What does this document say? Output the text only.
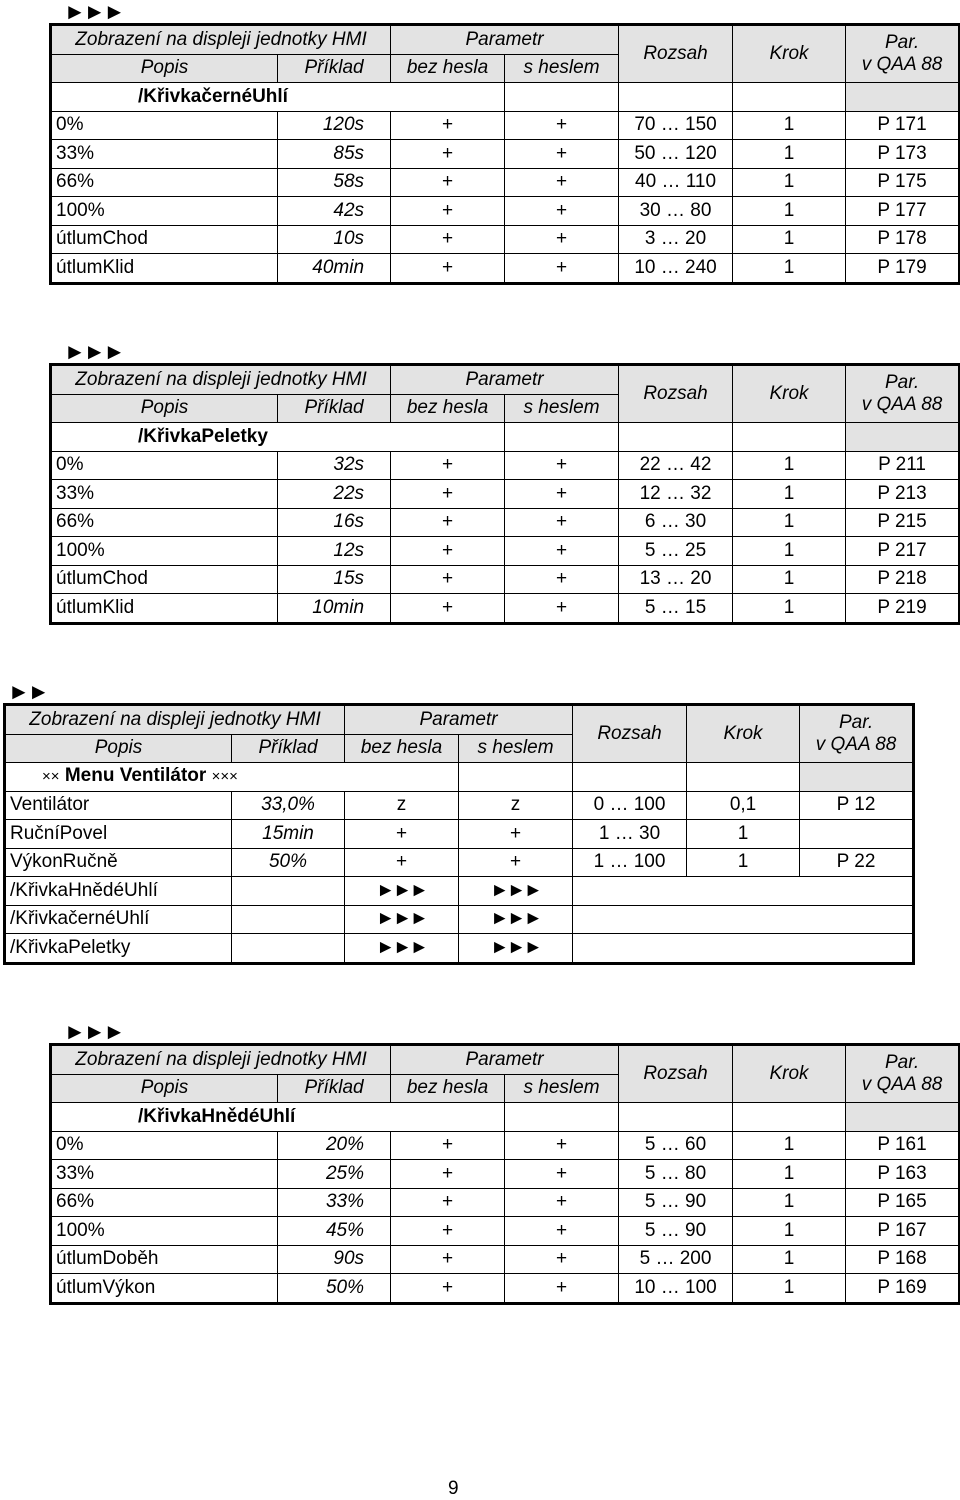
►►►
Zobrazení na displeji jednotky HMI		Parametr		Rozsah	Krok	Par.
v QAA 88
Popis	Příklad	bez hesla	s heslem			
/KřivkačernéUhlí						
0%	120s	+	+	70 … 150	1	P 171
33%	85s	+	+	50 … 120	1	P 173
66%	58s	+	+	40 … 110	1	P 175
100%	42s	+	+	30 … 80	1	P 177
útlumChod	10s	+	+	3 … 20	1	P 178
útlumKlid	40min	+	+	10 … 240	1	P 179
►►►
Zobrazení na displeji jednotky HMI		Parametr		Rozsah	Krok	Par.
v QAA 88
Popis	Příklad	bez hesla	s heslem			
/KřivkaPeletky						
0%	32s	+	+	22 … 42	1	P 211
33%	22s	+	+	12 … 32	1	P 213
66%	16s	+	+	6 … 30	1	P 215
100%	12s	+	+	5 … 25	1	P 217
útlumChod	15s	+	+	13 … 20	1	P 218
útlumKlid	10min	+	+	5 … 15	1	P 219
►►
Zobrazení na displeji jednotky HMI		Parametr		Rozsah	Krok	Par.
v QAA 88
Popis	Příklad	bez hesla	s heslem			
×× Menu Ventilátor ×××						
Ventilátor	33,0%	z	z	0 … 100	0,1	P 12
RučníPovel	15min	+	+	1 … 30	1	
VýkonRučně	50%	+	+	1 … 100	1	P 22
/KřivkaHnědéUhlí		►►►	►►►			
/KřivkačernéUhlí		►►►	►►►			
/KřivkaPeletky		►►►	►►►			
►►►
Zobrazení na displeji jednotky HMI		Parametr		Rozsah	Krok	Par.
v QAA 88
Popis	Příklad	bez hesla	s heslem			
/KřivkaHnědéUhlí						
0%	20%	+	+	5 … 60	1	P 161
33%	25%	+	+	5 … 80	1	P 163
66%	33%	+	+	5 … 90	1	P 165
100%	45%	+	+	5 … 90	1	P 167
útlumDoběh	90s	+	+	5 … 200	1	P 168
útlumVýkon	50%	+	+	10 … 100	1	P 169
9
